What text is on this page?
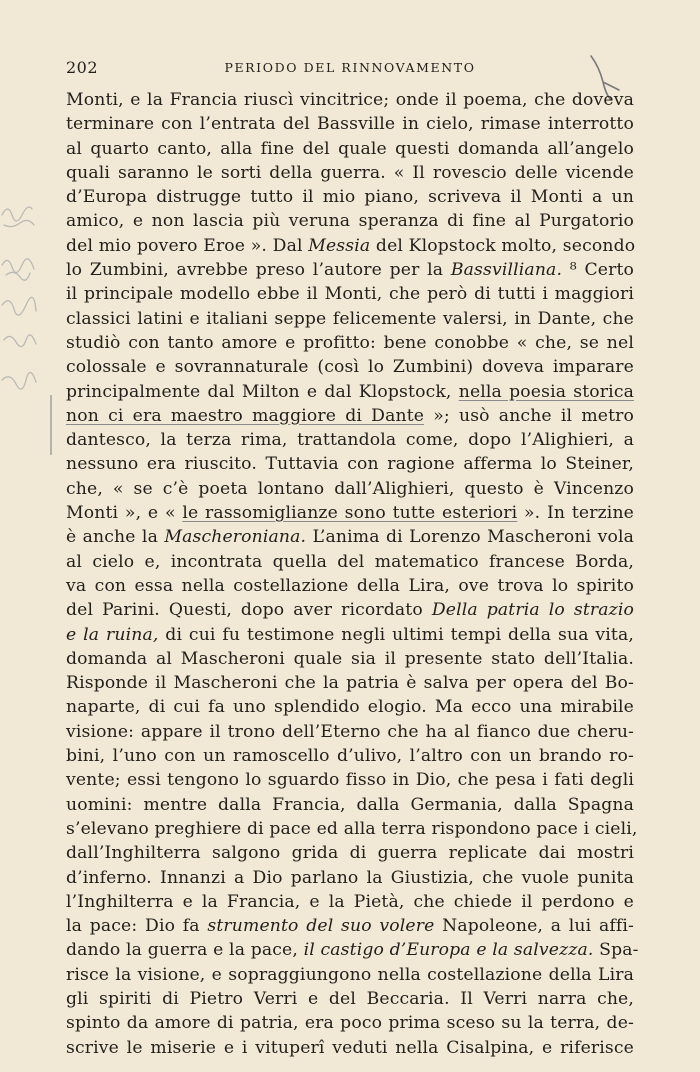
202	PERIODO DEL RINNOVAMENTO
Monti, e la Francia riuscì vincitrice; onde il poema, che doveva
terminare con l’entrata del Bassville in cielo, rimase interrotto
al quarto canto, alla fine del quale questi domanda all’angelo
quali saranno le sorti della guerra. « Il rovescio delle vicende
d’Europa distrugge tutto il mio piano, scriveva il Monti a un
amico, e non lascia più veruna speranza di fine al Purgatorio
del mio povero Eroe ». Dal Messia del Klopstock molto, secondo
lo Zumbini, avrebbe preso l’autore per la Bassvilliana. ⁸ Certo
il principale modello ebbe il Monti, che però di tutti i maggiori
classici latini e italiani seppe felicemente valersi, in Dante, che
studiò con tanto amore e profitto: bene conobbe « che, se nel
colossale e sovrannaturale (così lo Zumbini) doveva imparare
principalmente dal Milton e dal Klopstock, nella poesia storica
non ci era maestro maggiore di Dante »; usò anche il metro
dantesco, la terza rima, trattandola come, dopo l’Alighieri, a
nessuno era riuscito. Tuttavia con ragione afferma lo Steiner,
che, « se c’è poeta lontano dall’Alighieri, questo è Vincenzo
Monti », e « le rassomiglianze sono tutte esteriori ». In terzine
è anche la Mascheroniana. L’anima di Lorenzo Mascheroni vola
al cielo e, incontrata quella del matematico francese Borda,
va con essa nella costellazione della Lira, ove trova lo spirito
del Parini. Questi, dopo aver ricordato Della patria lo strazio
e la ruina, di cui fu testimone negli ultimi tempi della sua vita,
domanda al Mascheroni quale sia il presente stato dell’Italia.
Risponde il Mascheroni che la patria è salva per opera del Bo-
naparte, di cui fa uno splendido elogio. Ma ecco una mirabile
visione: appare il trono dell’Eterno che ha al fianco due cheru-
bini, l’uno con un ramoscello d’ulivo, l’altro con un brando ro-
vente; essi tengono lo sguardo fisso in Dio, che pesa i fati degli
uomini: mentre dalla Francia, dalla Germania, dalla Spagna
s’elevano preghiere di pace ed alla terra rispondono pace i cieli,
dall’Inghilterra salgono grida di guerra replicate dai mostri
d’inferno. Innanzi a Dio parlano la Giustizia, che vuole punita
l’Inghilterra e la Francia, e la Pietà, che chiede il perdono e
la pace: Dio fa strumento del suo volere Napoleone, a lui affi-
dando la guerra e la pace, il castigo d’Europa e la salvezza. Spa-
risce la visione, e sopraggiungono nella costellazione della Lira
gli spiriti di Pietro Verri e del Beccaria. Il Verri narra che,
spinto da amore di patria, era poco prima sceso su la terra, de-
scrive le miserie e i vituperî veduti nella Cisalpina, e riferisce
